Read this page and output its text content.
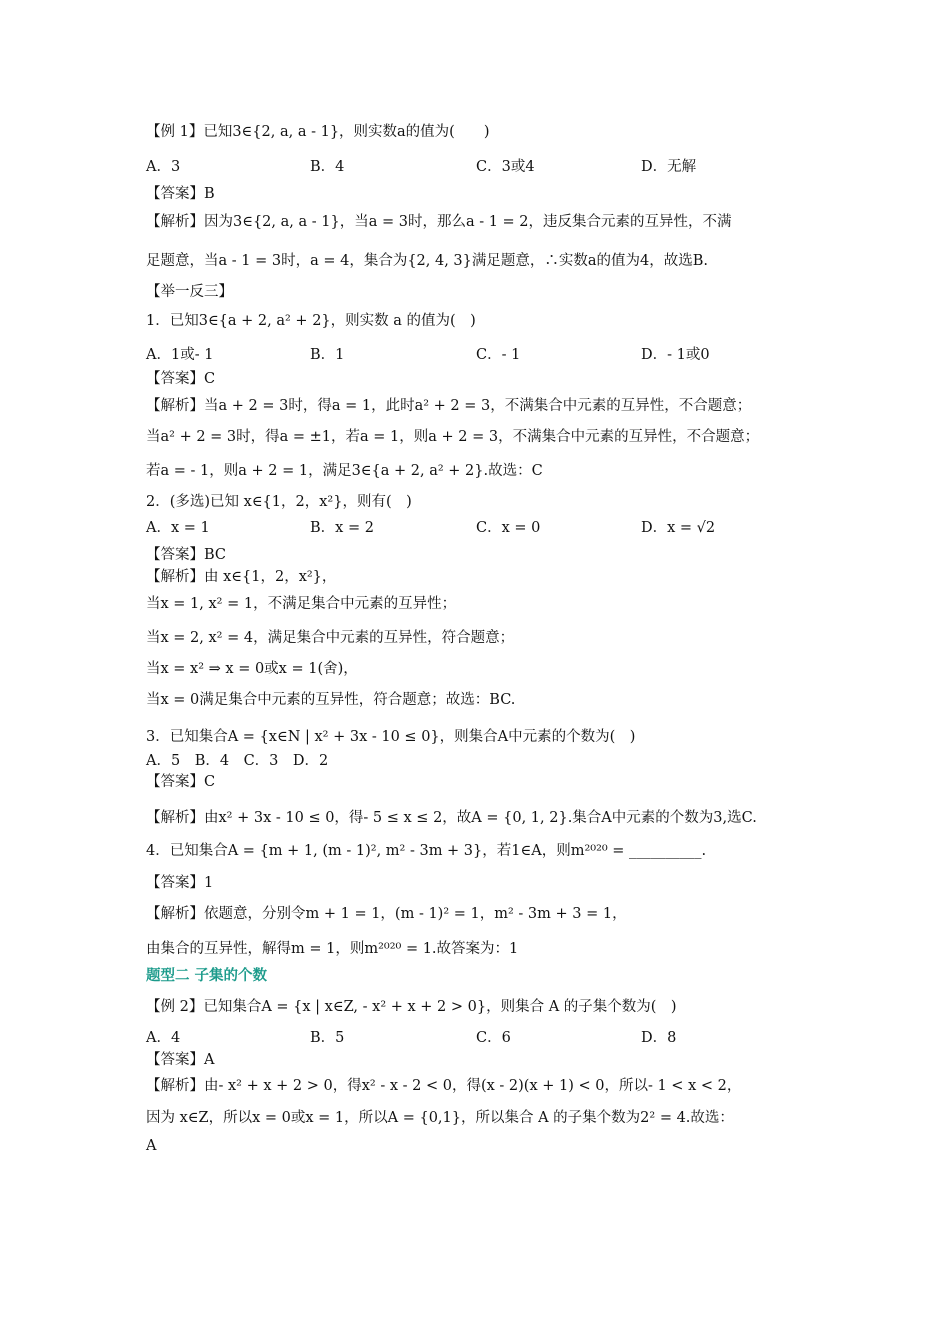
【例 1】已知3∈{2, a, a - 1}，则实数a的值为(　　)
A．3	B．4	C．3或4	D．无解
【答案】B
【解析】因为3∈{2, a, a - 1}，当a = 3时，那么a - 1 = 2，违反集合元素的互异性，不满
足题意，当a - 1 = 3时，a = 4，集合为{2, 4, 3}满足题意，∴实数a的值为4，故选B.
【举一反三】
1．已知3∈{a + 2, a² + 2}，则实数 a 的值为(　)
A．1或- 1	B．1	C．- 1	D．- 1或0
【答案】C
【解析】当a + 2 = 3时，得a = 1，此时a² + 2 = 3，不满集合中元素的互异性，不合题意；
当a² + 2 = 3时，得a = ±1，若a = 1，则a + 2 = 3，不满集合中元素的互异性，不合题意；
若a = - 1，则a + 2 = 1，满足3∈{a + 2, a² + 2}.故选：C
2．(多选)已知 x∈{1，2，x²}，则有(　)
A．x = 1	B．x = 2	C．x = 0	D．x = √2
【答案】BC
【解析】由 x∈{1，2，x²}，
当x = 1, x² = 1，不满足集合中元素的互异性；
当x = 2, x² = 4，满足集合中元素的互异性，符合题意；
当x = x² ⇒ x = 0或x = 1(舍)，
当x = 0满足集合中元素的互异性，符合题意；故选：BC.
3．已知集合A = {x∈N | x² + 3x - 10 ≤ 0}，则集合A中元素的个数为(　)
A．5　B．4　C．3　D．2
【答案】C
【解析】由x² + 3x - 10 ≤ 0，得- 5 ≤ x ≤ 2，故A = {0, 1, 2}.集合A中元素的个数为3,选C.
4．已知集合A = {m + 1, (m - 1)², m² - 3m + 3}，若1∈A，则m²⁰²⁰ = __________.
【答案】1
【解析】依题意，分别令m + 1 = 1，(m - 1)² = 1，m² - 3m + 3 = 1，
由集合的互异性，解得m = 1，则m²⁰²⁰ = 1.故答案为：1
题型二 子集的个数
【例 2】已知集合A = {x | x∈Z, - x² + x + 2 > 0}，则集合 A 的子集个数为(　)
A．4	B．5	C．6	D．8
【答案】A
【解析】由- x² + x + 2 > 0，得x² - x - 2 < 0，得(x - 2)(x + 1) < 0，所以- 1 < x < 2，
因为 x∈Z，所以x = 0或x = 1，所以A = {0,1}，所以集合 A 的子集个数为2² = 4.故选：
A
